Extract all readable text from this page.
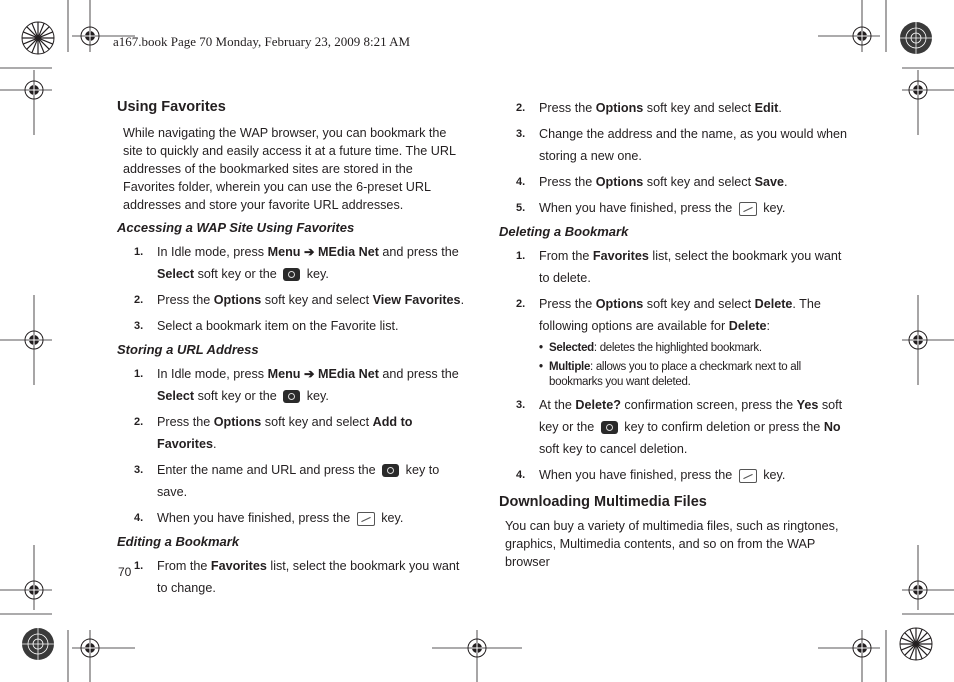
a167.book Page 70 Monday, February 23, 2009 8:21 AM
Using Favorites
While navigating the WAP browser, you can bookmark the site to quickly and easily access it at a future time. The URL addresses of the bookmarked sites are stored in the Favorites folder, wherein you can use the 6-preset URL addresses and store your favorite URL addresses.
Accessing a WAP Site Using Favorites
1.	In Idle mode, press Menu ➔ MEdia Net and press the
Select soft key or the  key.
2.	Press the Options soft key and select View Favorites.
3.	Select a bookmark item on the Favorite list.
Storing a URL Address
1.	In Idle mode, press Menu ➔ MEdia Net and press the
Select soft key or the  key.
2.	Press the Options soft key and select Add to Favorites.
3.	Enter the name and URL and press the  key to save.
4.	When you have finished, press the  key.
Editing a Bookmark
1.	From the Favorites list, select the bookmark you want to change.
2.	Press the Options soft key and select Edit.
3.	Change the address and the name, as you would when storing a new one.
4.	Press the Options soft key and select Save.
5.	When you have finished, press the  key.
Deleting a Bookmark
1.	From the Favorites list, select the bookmark you want to delete.
2.	Press the Options soft key and select Delete. The following options are available for Delete:
• Selected: deletes the highlighted bookmark.
• Multiple: allows you to place a checkmark next to all bookmarks you want deleted.
3.	At the Delete? confirmation screen, press the Yes soft key or the  key to confirm deletion or press the No soft key to cancel deletion.
4.	When you have finished, press the  key.
Downloading Multimedia Files
You can buy a variety of multimedia files, such as ringtones, graphics, Multimedia contents, and so on from the WAP browser
70
